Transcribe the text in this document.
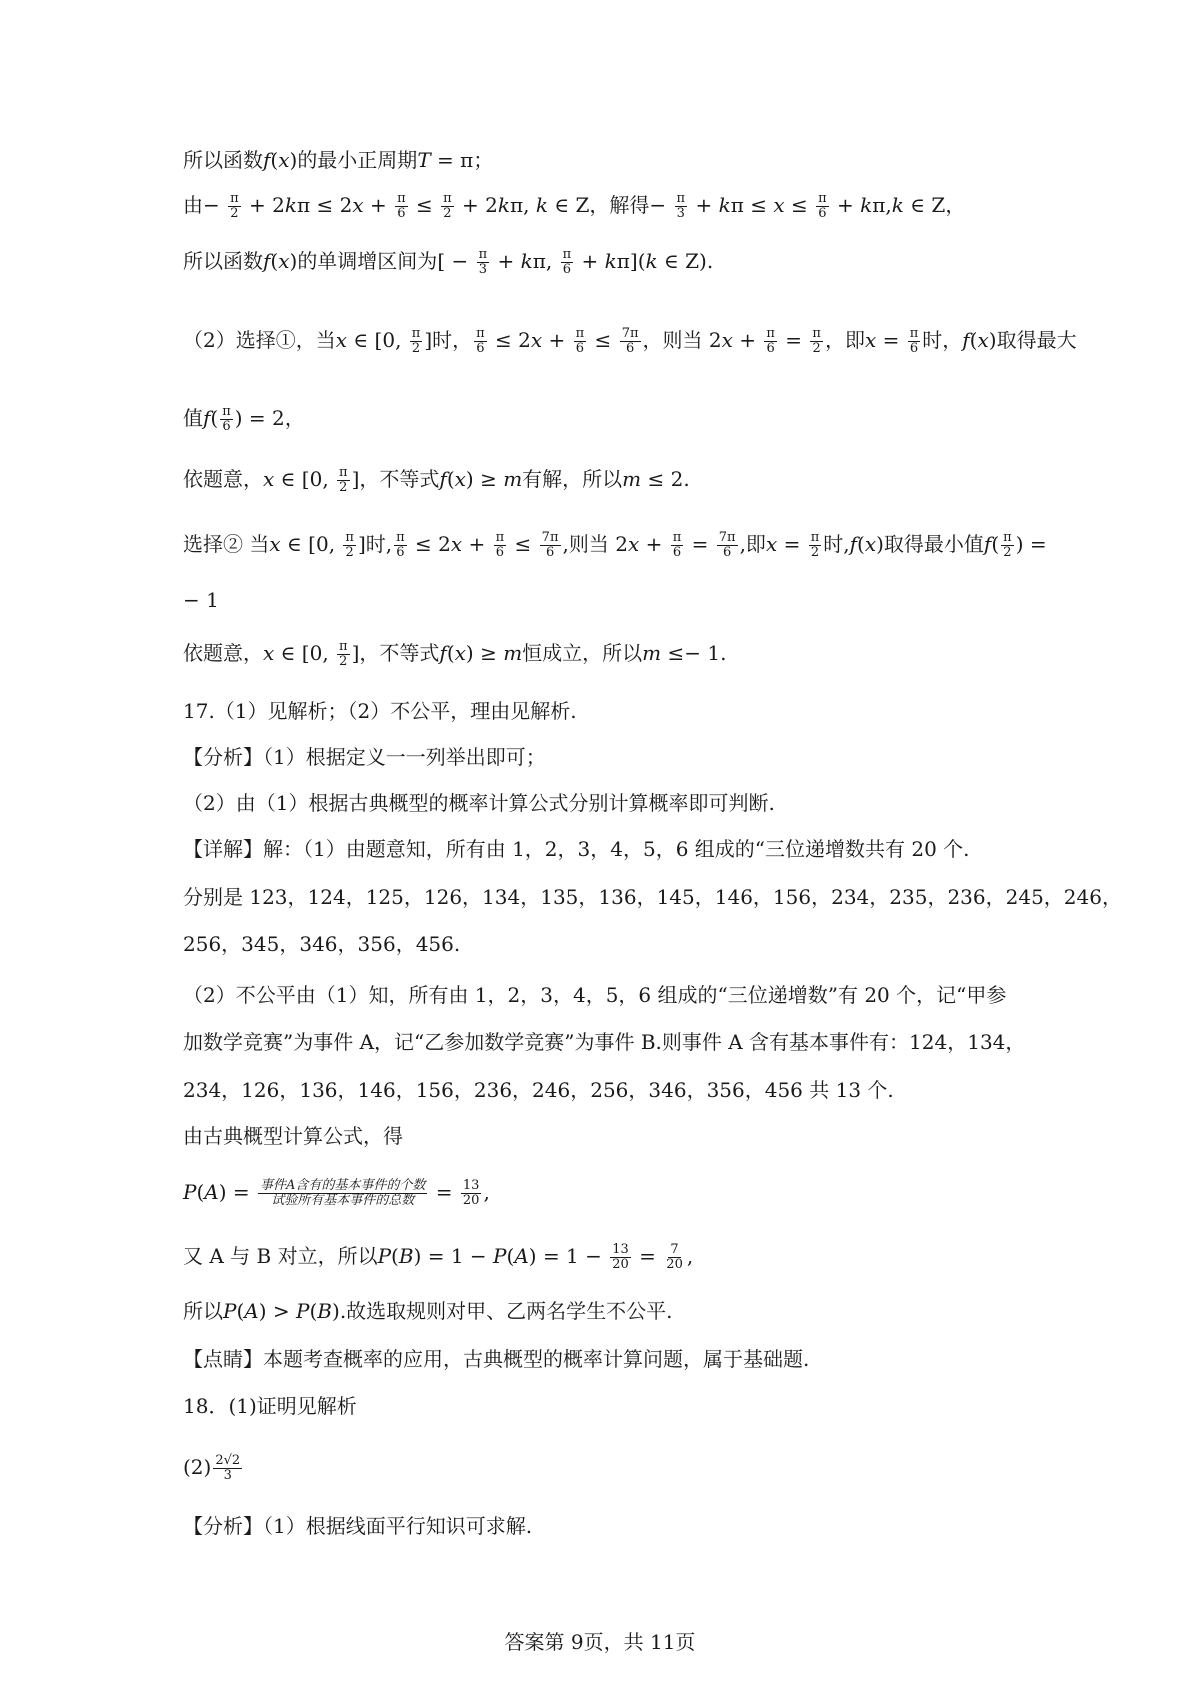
所以函数f(x)的最小正周期T = π；
由− $\frac{\pi}{2} + 2k\pi \le 2x + \frac{\pi}{6} \le \frac{\pi}{2} + 2k\pi$, k ∈ Z，解得− $\frac{\pi}{3} + k\pi \le x \le \frac{\pi}{6} + k\pi,k$ ∈ Z，
所以函数f(x)的单调增区间为[ − $\frac{\pi}{3} + k\pi$, $\frac{\pi}{6} + k\pi](k$ ∈ Z).
（2）选择①，当x ∈ [0, $\frac{\pi}{2}$ ]时， $\frac{\pi}{6} \le 2x + \frac{\pi}{6} \le \frac{7\pi}{6}$ ，则当 $2x + \frac{\pi}{6} = \frac{\pi}{2}$ ，即$x = \frac{\pi}{6}$ 时，f(x)取得最大
值$f( \frac{\pi}{6}$ ) = 2，
依题意，x ∈ [0, $\frac{\pi}{2}$ ]，不等式f(x) ≥ m有解，所以m ≤ 2.
选择② 当x ∈ [0, $\frac{\pi}{2}$ ]时, $\frac{\pi}{6} \le 2x + \frac{\pi}{6} \le \frac{7\pi}{6}$ ,则当 $2x + \frac{\pi}{6} = \frac{7\pi}{6}$ ,即$x = \frac{\pi}{2}$ 时,f(x)取得最小值$f( \frac{\pi}{2}$ ) =
− 1
依题意，x ∈ [0, $\frac{\pi}{2}$ ]，不等式f(x) ≥ m恒成立，所以m ≤− 1.
17.（1）见解析；（2）不公平，理由见解析.
【分析】（1）根据定义一一列举出即可；
（2）由（1）根据古典概型的概率计算公式分别计算概率即可判断.
【详解】解：（1）由题意知，所有由 1，2，3，4，5，6 组成的“三位递增数共有 20 个.
分别是 123，124，125，126，134，135，136，145，146，156，234，235，236，245，246，
256，345，346，356，456.
（2）不公平由（1）知，所有由 1，2，3，4，5，6 组成的“三位递增数”有 20 个，记“甲参
加数学竞赛”为事件 A，记“乙参加数学竞赛”为事件 B.则事件 A 含有基本事件有：124，134，
234，126，136，146，156，236，246，256，346，356，456 共 13 个.
由古典概型计算公式，得
$P(A) = \frac{\text{事件A含有的基本事件的个数}}{\text{试验所有基本事件的总数}} = \frac{13}{20}$ ,
又 A 与 B 对立，所以$P(B) = 1 - P(A) = 1 - \frac{13}{20} = \frac{7}{20}$ ,
所以P(A) > P(B).故选取规则对甲、乙两名学生不公平.
【点睛】本题考查概率的应用，古典概型的概率计算问题，属于基础题.
18．(1)证明见解析
$(2) \frac{2√2}{3}$
【分析】（1）根据线面平行知识可求解.
答案第 9页，共 11页
